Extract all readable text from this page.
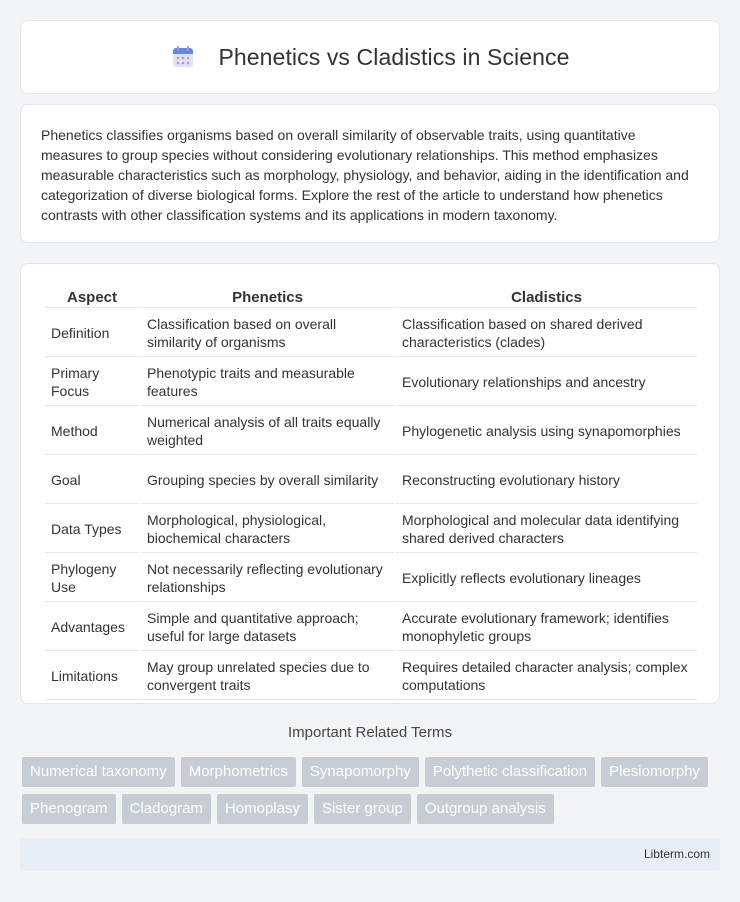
Phenetics vs Cladistics in Science

Phenetics classifies organisms based on overall similarity of observable traits, using quantitative measures to group species without considering evolutionary relationships. This method emphasizes measurable characteristics such as morphology, physiology, and behavior, aiding in the identification and categorization of diverse biological forms. Explore the rest of the article to understand how phenetics contrasts with other classification systems and its applications in modern taxonomy.

Aspect	Phenetics	Cladistics
Definition	Classification based on overall similarity of organisms	Classification based on shared derived characteristics (clades)
Primary Focus	Phenotypic traits and measurable features	Evolutionary relationships and ancestry
Method	Numerical analysis of all traits equally weighted	Phylogenetic analysis using synapomorphies
Goal	Grouping species by overall similarity	Reconstructing evolutionary history
Data Types	Morphological, physiological, biochemical characters	Morphological and molecular data identifying shared derived characters
Phylogeny Use	Not necessarily reflecting evolutionary relationships	Explicitly reflects evolutionary lineages
Advantages	Simple and quantitative approach; useful for large datasets	Accurate evolutionary framework; identifies monophyletic groups
Limitations	May group unrelated species due to convergent traits	Requires detailed character analysis; complex computations
Important Related Terms
Numerical taxonomy	Morphometrics	Synapomorphy	Polythetic classification	Plesiomorphy
Phenogram	Cladogram	Homoplasy	Sister group	Outgroup analysis
Libterm.com
